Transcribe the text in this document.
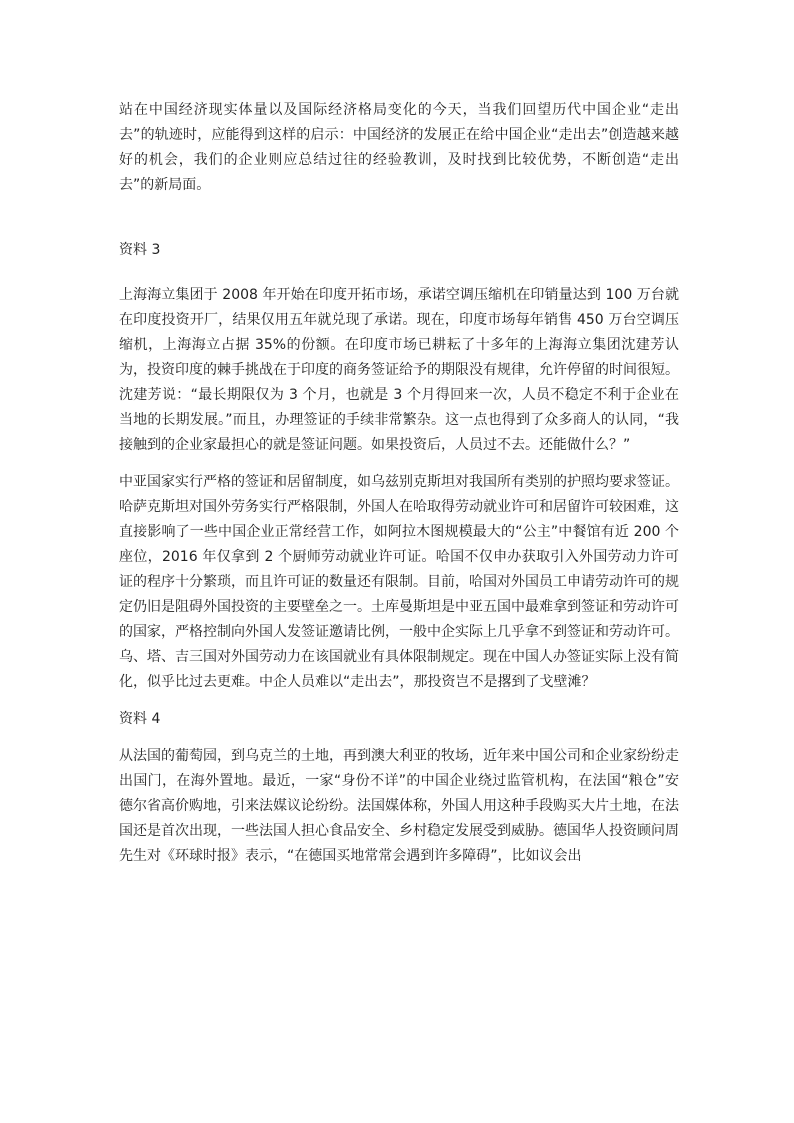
站在中国经济现实体量以及国际经济格局变化的今天，当我们回望历代中国企业“走出去”的轨迹时，应能得到这样的启示：中国经济的发展正在给中国企业“走出去”创造越来越好的机会，我们的企业则应总结过往的经验教训，及时找到比较优势，不断创造“走出去”的新局面。

资料 3

上海海立集团于 2008 年开始在印度开拓市场，承诺空调压缩机在印销量达到 100 万台就在印度投资开厂，结果仅用五年就兑现了承诺。现在，印度市场每年销售 450 万台空调压缩机，上海海立占据 35%的份额。在印度市场已耕耘了十多年的上海海立集团沈建芳认为，投资印度的棘手挑战在于印度的商务签证给予的期限没有规律，允许停留的时间很短。沈建芳说：“最长期限仅为 3 个月，也就是 3 个月得回来一次，人员不稳定不利于企业在当地的长期发展。”而且，办理签证的手续非常繁杂。这一点也得到了众多商人的认同，“我接触到的企业家最担心的就是签证问题。如果投资后，人员过不去。还能做什么？”

中亚国家实行严格的签证和居留制度，如乌兹别克斯坦对我国所有类别的护照均要求签证。哈萨克斯坦对国外劳务实行严格限制，外国人在哈取得劳动就业许可和居留许可较困难，这直接影响了一些中国企业正常经营工作，如阿拉木图规模最大的“公主”中餐馆有近 200 个座位，2016 年仅拿到 2 个厨师劳动就业许可证。哈国不仅申办获取引入外国劳动力许可证的程序十分繁琐，而且许可证的数量还有限制。目前，哈国对外国员工申请劳动许可的规定仍旧是阻碍外国投资的主要壁垒之一。土库曼斯坦是中亚五国中最难拿到签证和劳动许可的国家，严格控制向外国人发签证邀请比例，一般中企实际上几乎拿不到签证和劳动许可。乌、塔、吉三国对外国劳动力在该国就业有具体限制规定。现在中国人办签证实际上没有简化，似乎比过去更难。中企人员难以“走出去”，那投资岂不是撂到了戈壁滩？

资料 4

从法国的葡萄园，到乌克兰的土地，再到澳大利亚的牧场，近年来中国公司和企业家纷纷走出国门，在海外置地。最近，一家“身份不详”的中国企业绕过监管机构，在法国“粮仓”安德尔省高价购地，引来法媒议论纷纷。法国媒体称，外国人用这种手段购买大片土地，在法国还是首次出现，一些法国人担心食品安全、乡村稳定发展受到威胁。德国华人投资顾问周先生对《环球时报》表示，“在德国买地常常会遇到许多障碍”，比如议会出
